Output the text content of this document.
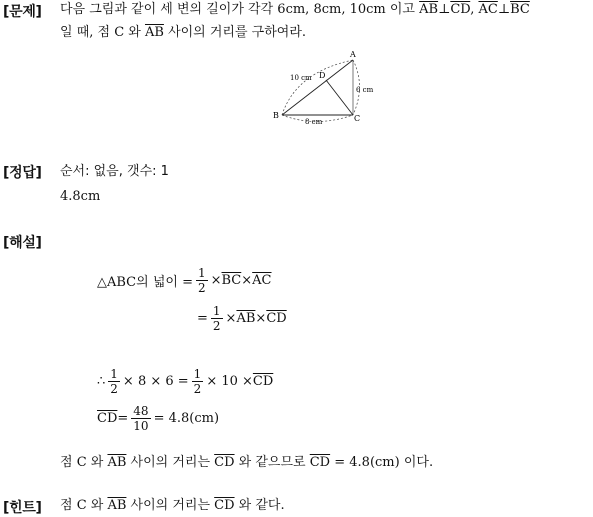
[문제] 다음 그림과 같이 세 변의 길이가 각각 6cm, 8cm, 10cm 이고 $\overline{AB}\perp\overline{CD}$, $\overline{AC}\perp\overline{BC}$
일 때, 점 C 와 $\overline{AB}$ 사이의 거리를 구하여라.
A
B	C
D
10 cm
6 cm
8 cm
[정답] 순서: 없음, 갯수: 1
4.8cm
[해설]
△ABC의 넓이 = $\frac{1}{2} \times \overline{BC} \times \overline{AC}$
= $\frac{1}{2} \times \overline{AB} \times \overline{CD}$
∴ $\frac{1}{2} \times 8 \times 6 = \frac{1}{2} \times 10 \times \overline{CD}$
$\overline{CD} = \frac{48}{10} = 4.8(cm)$
점 C 와 $\overline{AB}$ 사이의 거리는 $\overline{CD}$ 와 같으므로 $\overline{CD} = 4.8(cm)$ 이다.
[힌트] 점 C 와 $\overline{AB}$ 사이의 거리는 $\overline{CD}$ 와 같다.
